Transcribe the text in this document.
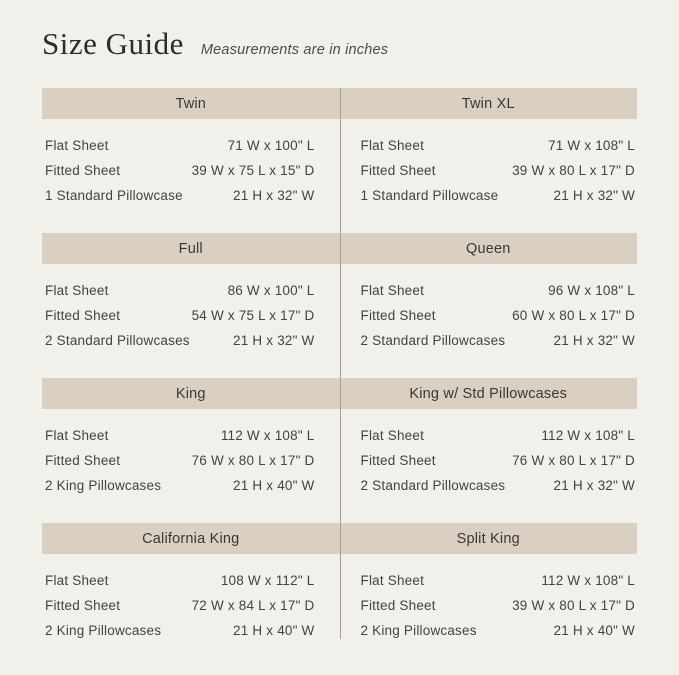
Size Guide Measurements are in inches
Twin
Flat Sheet	71 W x 100" L
Fitted Sheet	39 W x 75 L x 15" D
1 Standard Pillowcase	21 H x 32" W
Twin XL
Flat Sheet	71 W x 108" L
Fitted Sheet	39 W x 80 L x 17" D
1 Standard Pillowcase	21 H x 32" W
Full
Flat Sheet	86 W x 100" L
Fitted Sheet	54 W x 75 L x 17" D
2 Standard Pillowcases	21 H x 32" W
Queen
Flat Sheet	96 W x 108" L
Fitted Sheet	60 W x 80 L x 17" D
2 Standard Pillowcases	21 H x 32" W
King
Flat Sheet	112 W x 108" L
Fitted Sheet	76 W x 80 L x 17" D
2 King Pillowcases	21 H x 40" W
King w/ Std Pillowcases
Flat Sheet	112 W x 108" L
Fitted Sheet	76 W x 80 L x 17" D
2 Standard Pillowcases	21 H x 32" W
California King
Flat Sheet	108 W x 112" L
Fitted Sheet	72 W x 84 L x 17" D
2 King Pillowcases	21 H x 40" W
Split King
Flat Sheet	112 W x 108" L
Fitted Sheet	39 W x 80 L x 17" D
2 King Pillowcases	21 H x 40" W
